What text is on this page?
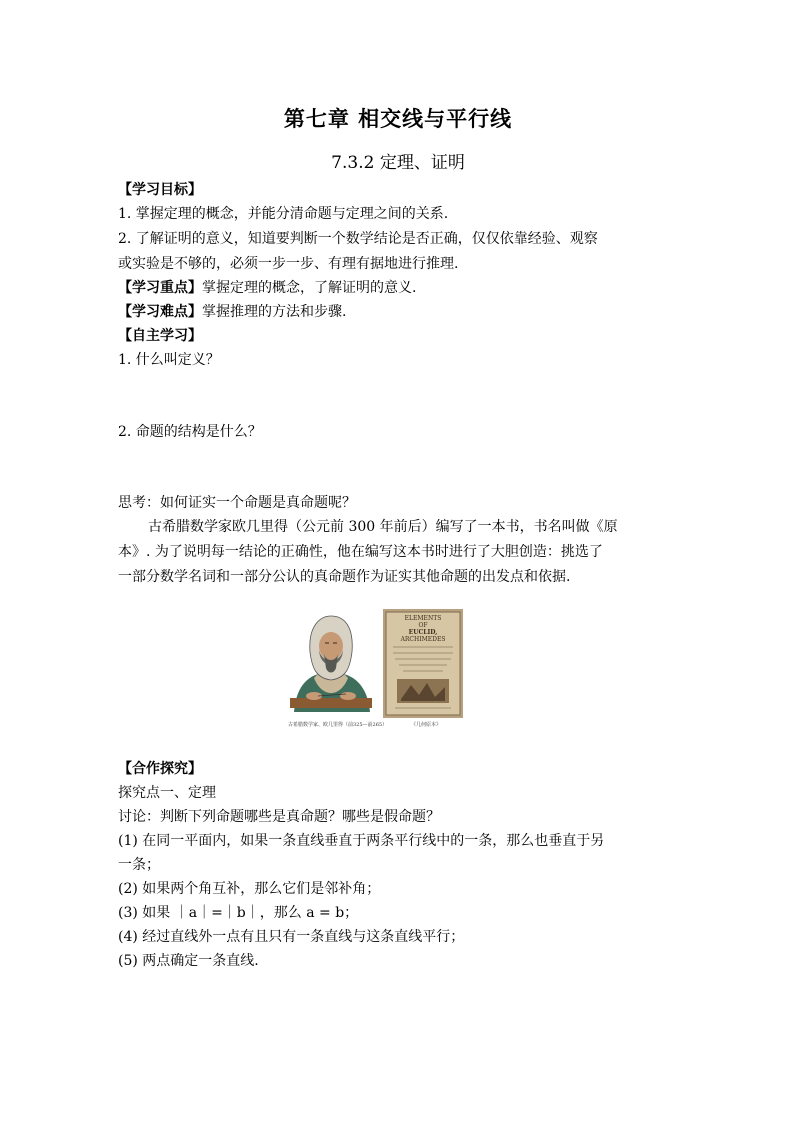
第七章 相交线与平行线
7.3.2 定理、证明
【学习目标】
1. 掌握定理的概念，并能分清命题与定理之间的关系.
2. 了解证明的意义，知道要判断一个数学结论是否正确，仅仅依靠经验、观察
或实验是不够的，必须一步一步、有理有据地进行推理.
【学习重点】掌握定理的概念，了解证明的意义.
【学习难点】掌握推理的方法和步骤.
【自主学习】
1. 什么叫定义？
2. 命题的结构是什么？
思考：如何证实一个命题是真命题呢？
古希腊数学家欧几里得（公元前 300 年前后）编写了一本书，书名叫做《原
本》. 为了说明每一结论的正确性，他在编写这本书时进行了大胆创造：挑选了
一部分数学名词和一部分公认的真命题作为证实其他命题的出发点和依据.
古希腊数学家、欧几里得（前325—前265）
ELEMENTS
OF
EUCLID,
ARCHIMEDES
《几何原本》
【合作探究】
探究点一、定理
讨论：判断下列命题哪些是真命题？哪些是假命题？
(1) 在同一平面内，如果一条直线垂直于两条平行线中的一条，那么也垂直于另
一条；
(2) 如果两个角互补，那么它们是邻补角；
(3) 如果 ｜a｜=｜b｜，那么 a = b；
(4) 经过直线外一点有且只有一条直线与这条直线平行；
(5) 两点确定一条直线.
